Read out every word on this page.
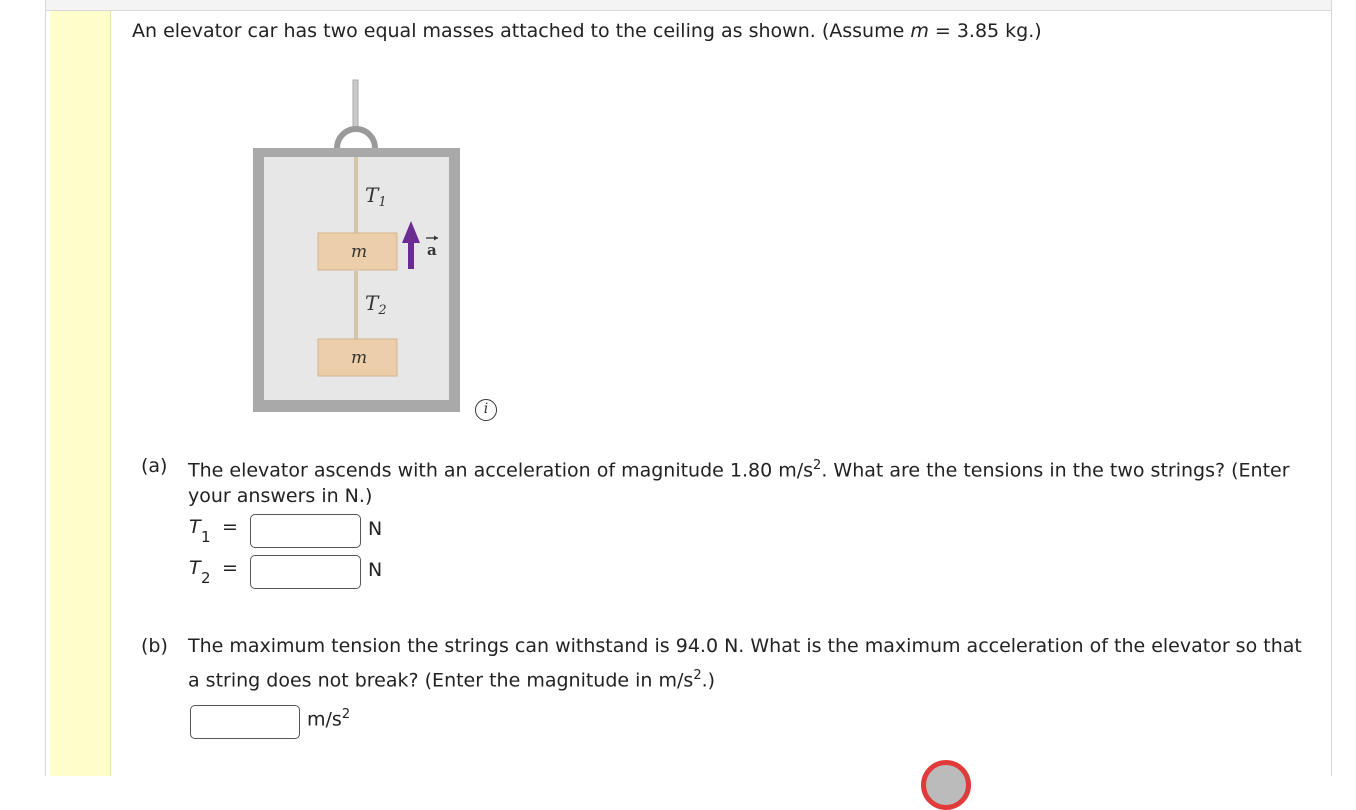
An elevator car has two equal masses attached to the ceiling as shown. (Assume m = 3.85 kg.)
$T_1$
$T_2$
m
m
a
i
(a) The elevator ascends with an acceleration of magnitude 1.80 $m/s^2$. What are the tensions in the two strings? (Enter
your answers in N.)
T 1 =	N
T 2 =	N
(b) The maximum tension the strings can withstand is 94.0 N. What is the maximum acceleration of the elevator so that
a string does not break? (Enter the magnitude in $m/s^2$.)
$m/s^2$
